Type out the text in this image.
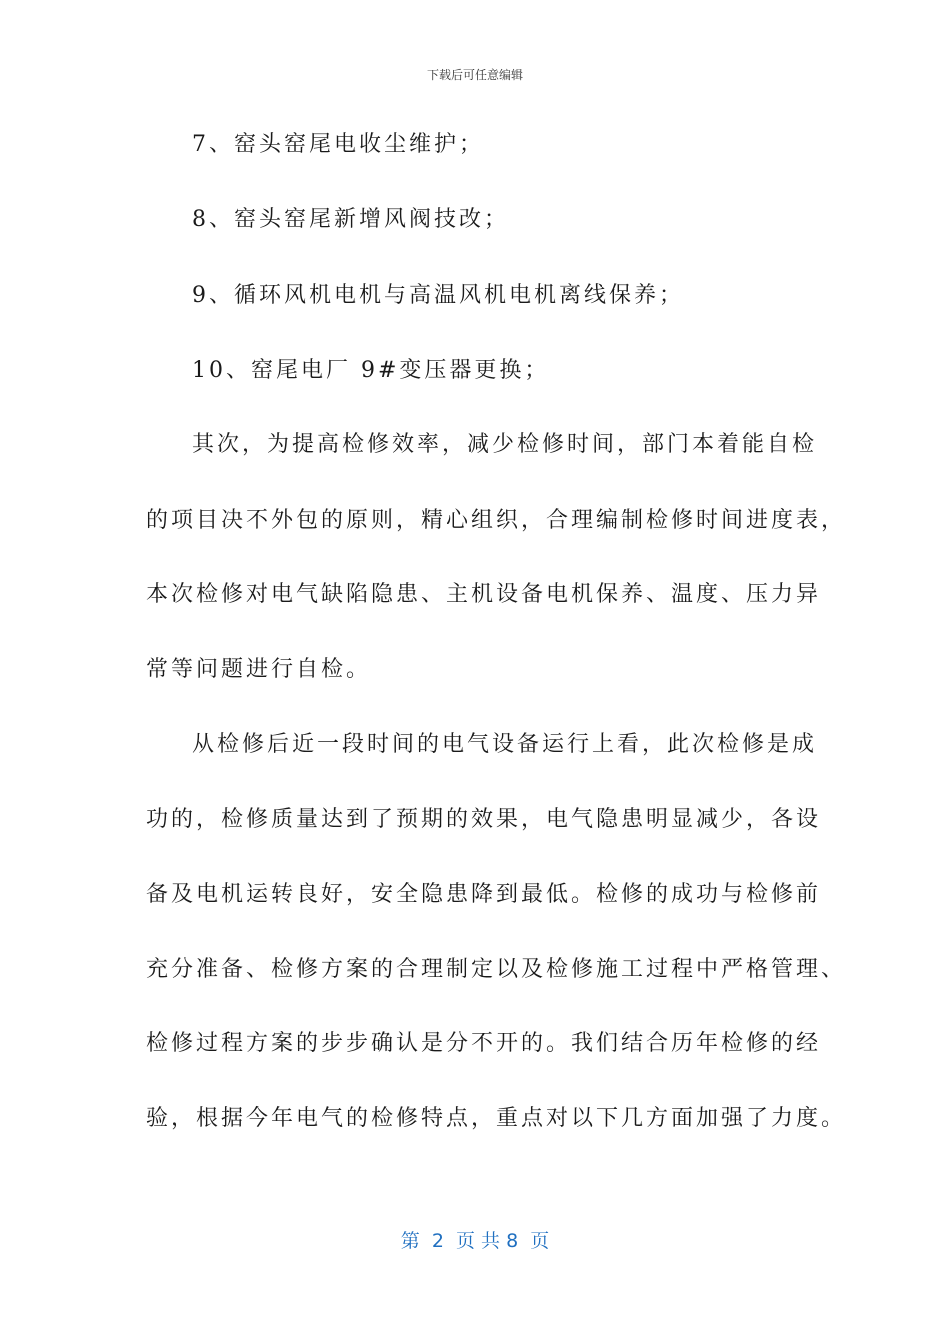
下载后可任意编辑
7、窑头窑尾电收尘维护；
8、窑头窑尾新增风阀技改；
9、循环风机电机与高温风机电机离线保养；
10、窑尾电厂 9#变压器更换；
其次，为提高检修效率，减少检修时间，部门本着能自检
的项目决不外包的原则，精心组织，合理编制检修时间进度表，
本次检修对电气缺陷隐患、主机设备电机保养、温度、压力异
常等问题进行自检。
从检修后近一段时间的电气设备运行上看，此次检修是成
功的，检修质量达到了预期的效果，电气隐患明显减少，各设
备及电机运转良好，安全隐患降到最低。检修的成功与检修前
充分准备、检修方案的合理制定以及检修施工过程中严格管理、
检修过程方案的步步确认是分不开的。我们结合历年检修的经
验，根据今年电气的检修特点，重点对以下几方面加强了力度。
第  2  页 共 8  页
